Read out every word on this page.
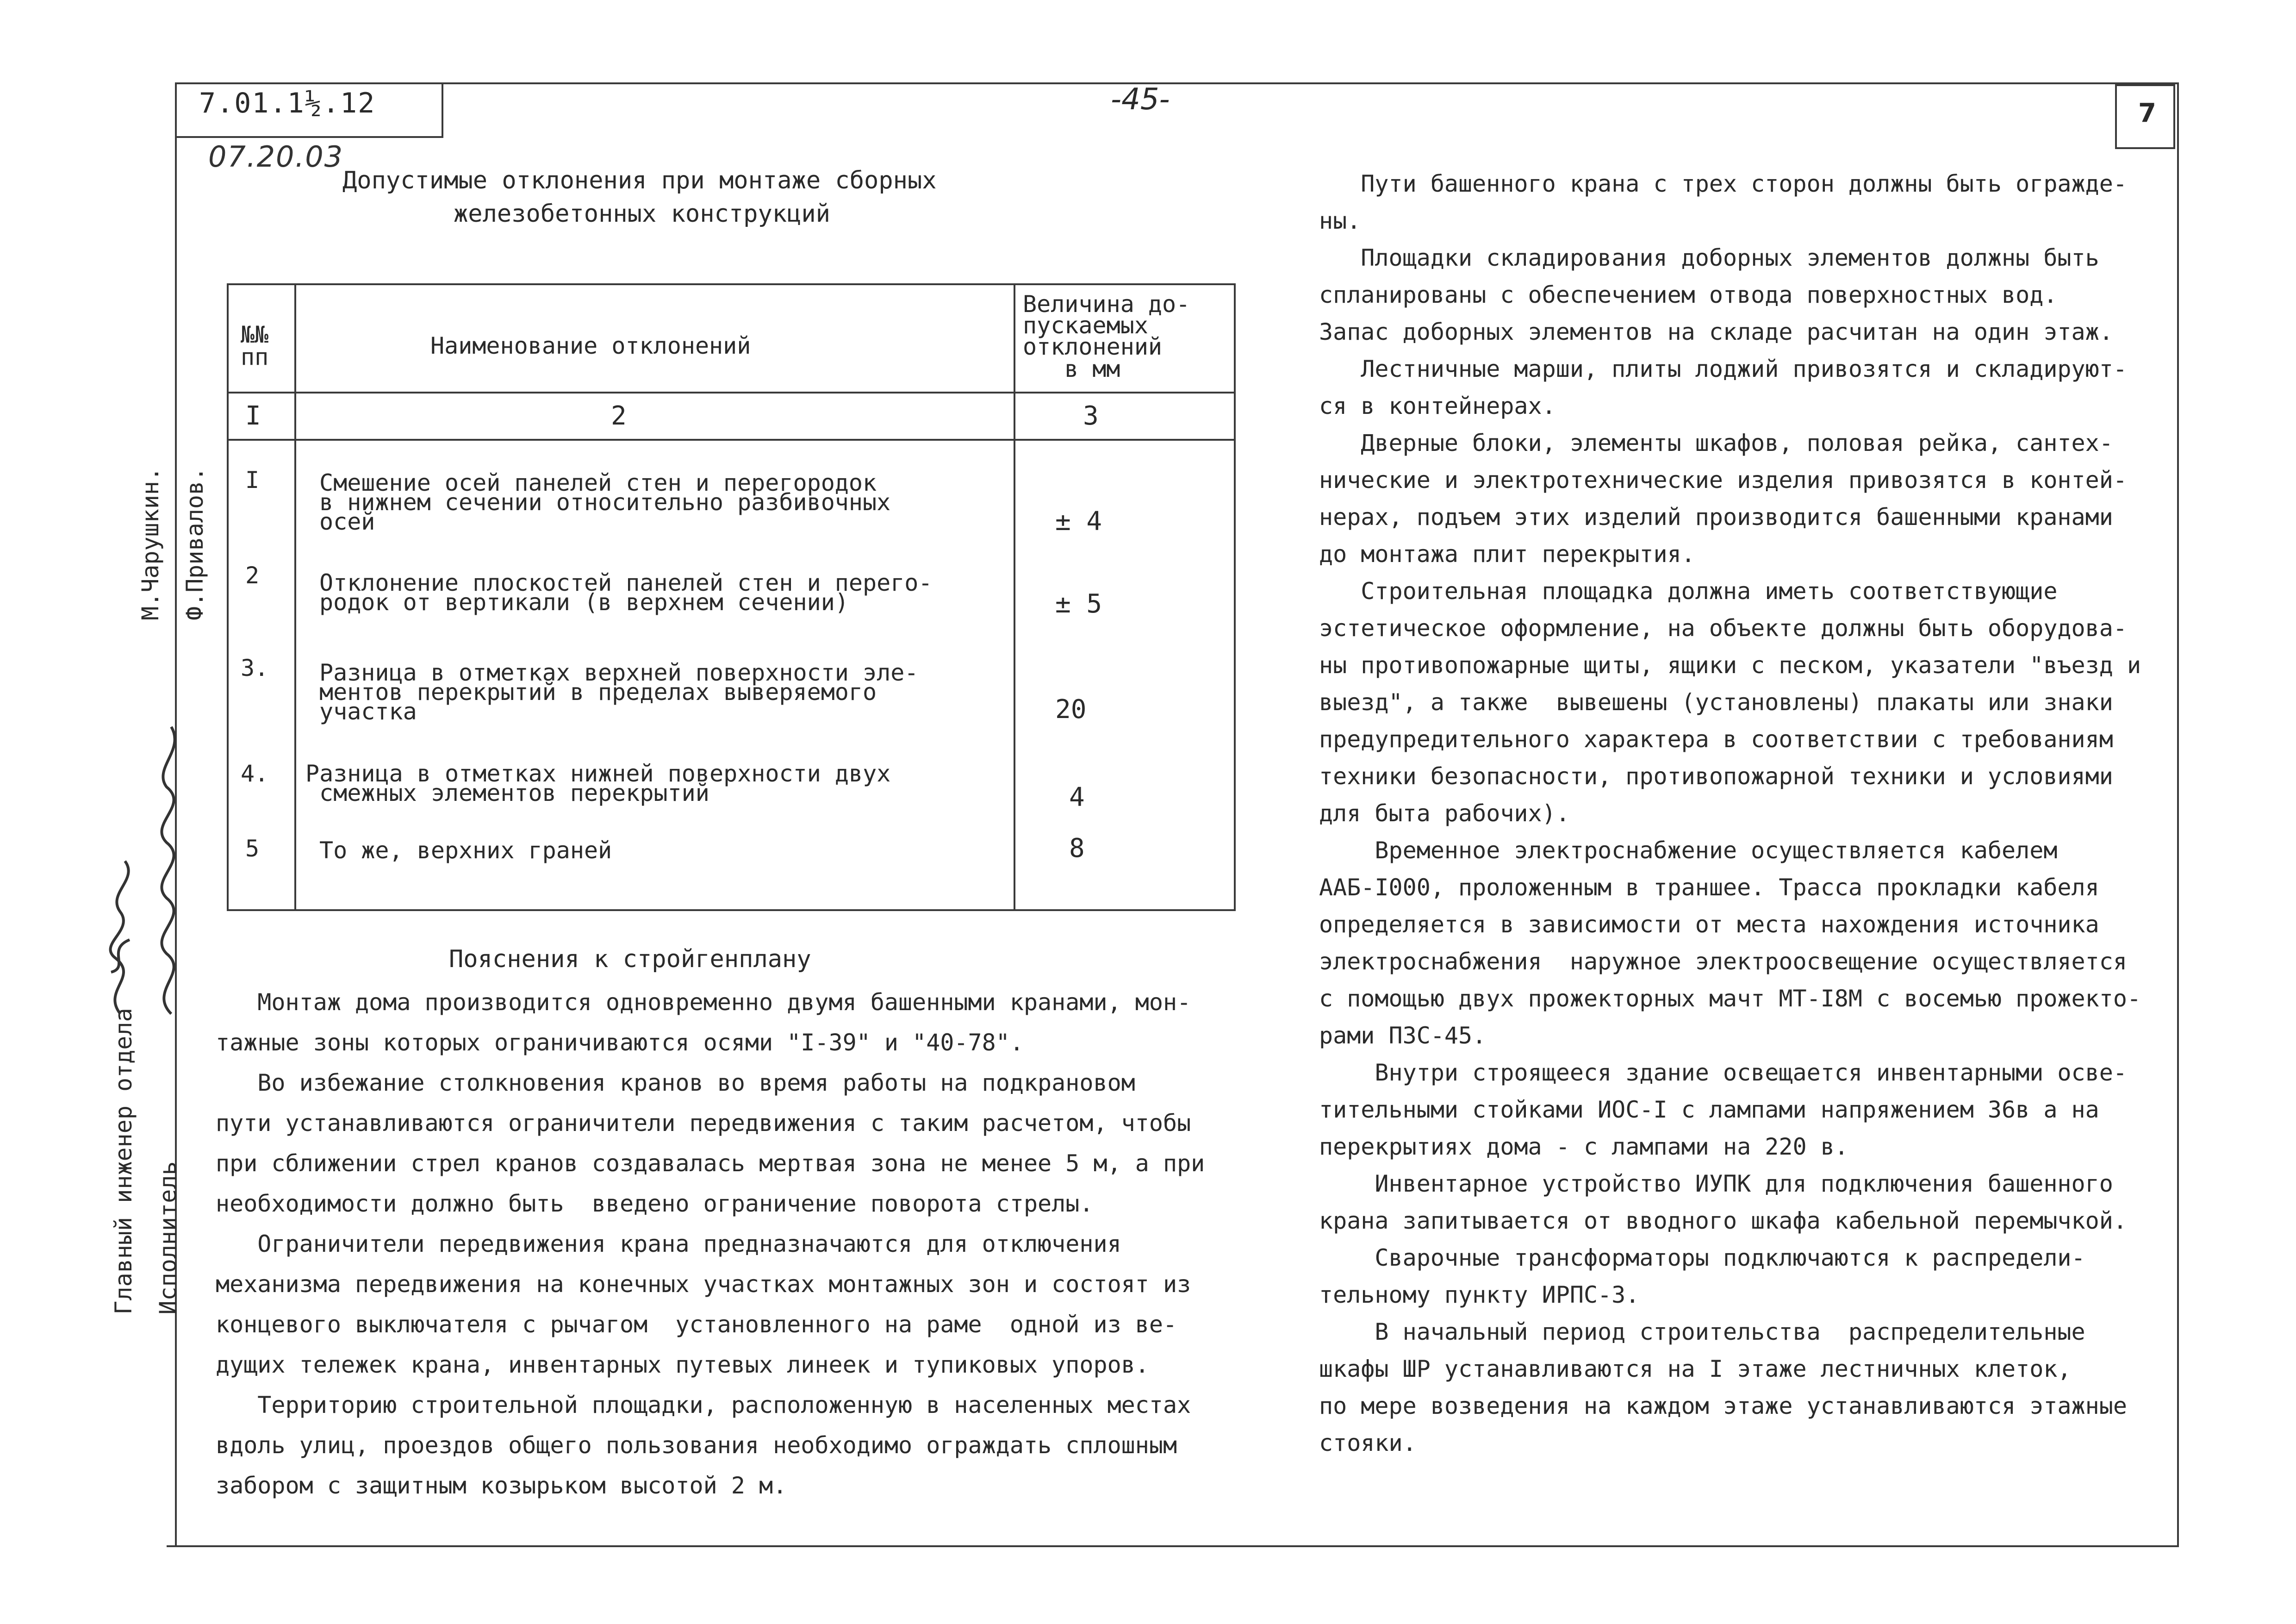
7.01.1½.12
07.20.03
-45-	7
Допустимые отклонения при монтаже сборных
железобетонных конструкций
№№
пп	Наименование отклонений
Величина до-
пускаемых
отклонений
в мм
I	2	3
I	Смешение осей панелей стен и перегородок
в нижнем сечении относительно разбивочных
осей	± 4
2	Отклонение плоскостей панелей стен и перего-
родок от вертикали (в верхнем сечении)	± 5
3. Разница в отметках верхней поверхности эле-
ментов перекрытий в пределах выверяемого
участка	20
4. Разница в отметках нижней поверхности двух
смежных элементов перекрытий	4
5	То же, верхних граней	8
Пояснения к стройгенплану
Монтаж дома производится одновременно двумя башенными кранами, мон-
тажные зоны которых ограничиваются осями "I-39" и "40-78".
Во избежание столкновения кранов во время работы на подкрановом
пути устанавливаются ограничители передвижения с таким расчетом, чтобы
при сближении стрел кранов создавалась мертвая зона не менее 5 м, а при
необходимости должно быть  введено ограничение поворота стрелы.
Ограничители передвижения крана предназначаются для отключения
механизма передвижения на конечных участках монтажных зон и состоят из
концевого выключателя с рычагом  установленного на раме  одной из ве-
дущих тележек крана, инвентарных путевых линеек и тупиковых упоров.
Территорию строительной площадки, расположенную в населенных местах
вдоль улиц, проездов общего пользования необходимо ограждать сплошным
забором с защитным козырьком высотой 2 м.
Пути башенного крана с трех сторон должны быть огражде-
ны.
Площадки складирования доборных элементов должны быть
спланированы с обеспечением отвода поверхностных вод.
Запас доборных элементов на складе расчитан на один этаж.
Лестничные марши, плиты лоджий привозятся и складируют-
ся в контейнерах.
Дверные блоки, элементы шкафов, половая рейка, сантех-
нические и электротехнические изделия привозятся в контей-
нерах, подъем этих изделий производится башенными кранами
до монтажа плит перекрытия.
Строительная площадка должна иметь соответствующие
эстетическое оформление, на объекте должны быть оборудова-
ны противопожарные щиты, ящики с песком, указатели "въезд и
выезд", а также  вывешены (установлены) плакаты или знаки
предупредительного характера в соответствии с требованиям
техники безопасности, противопожарной техники и условиями
для быта рабочих).
Временное электроснабжение осуществляется кабелем
ААБ-I000, проложенным в траншее. Трасса прокладки кабеля
определяется в зависимости от места нахождения источника
электроснабжения  наружное электроосвещение осуществляется
с помощью двух прожекторных мачт МТ-I8М с восемью прожекто-
рами ПЗС-45.
Внутри строящееся здание освещается инвентарными осве-
тительными стойками ИОС-I с лампами напряжением 36в а на
перекрытиях дома - с лампами на 220 в.
Инвентарное устройство ИУПК для подключения башенного
крана запитывается от вводного шкафа кабельной перемычкой.
Сварочные трансформаторы подключаются к распредели-
тельному пункту ИРПС-3.
В начальный период строительства  распределительные
шкафы ШР устанавливаются на I этаже лестничных клеток,
по мере возведения на каждом этаже устанавливаются этажные
стояки.

Главный инженер отдела

М.Чарушкин.

Исполнитель

Ф.Привалов.
